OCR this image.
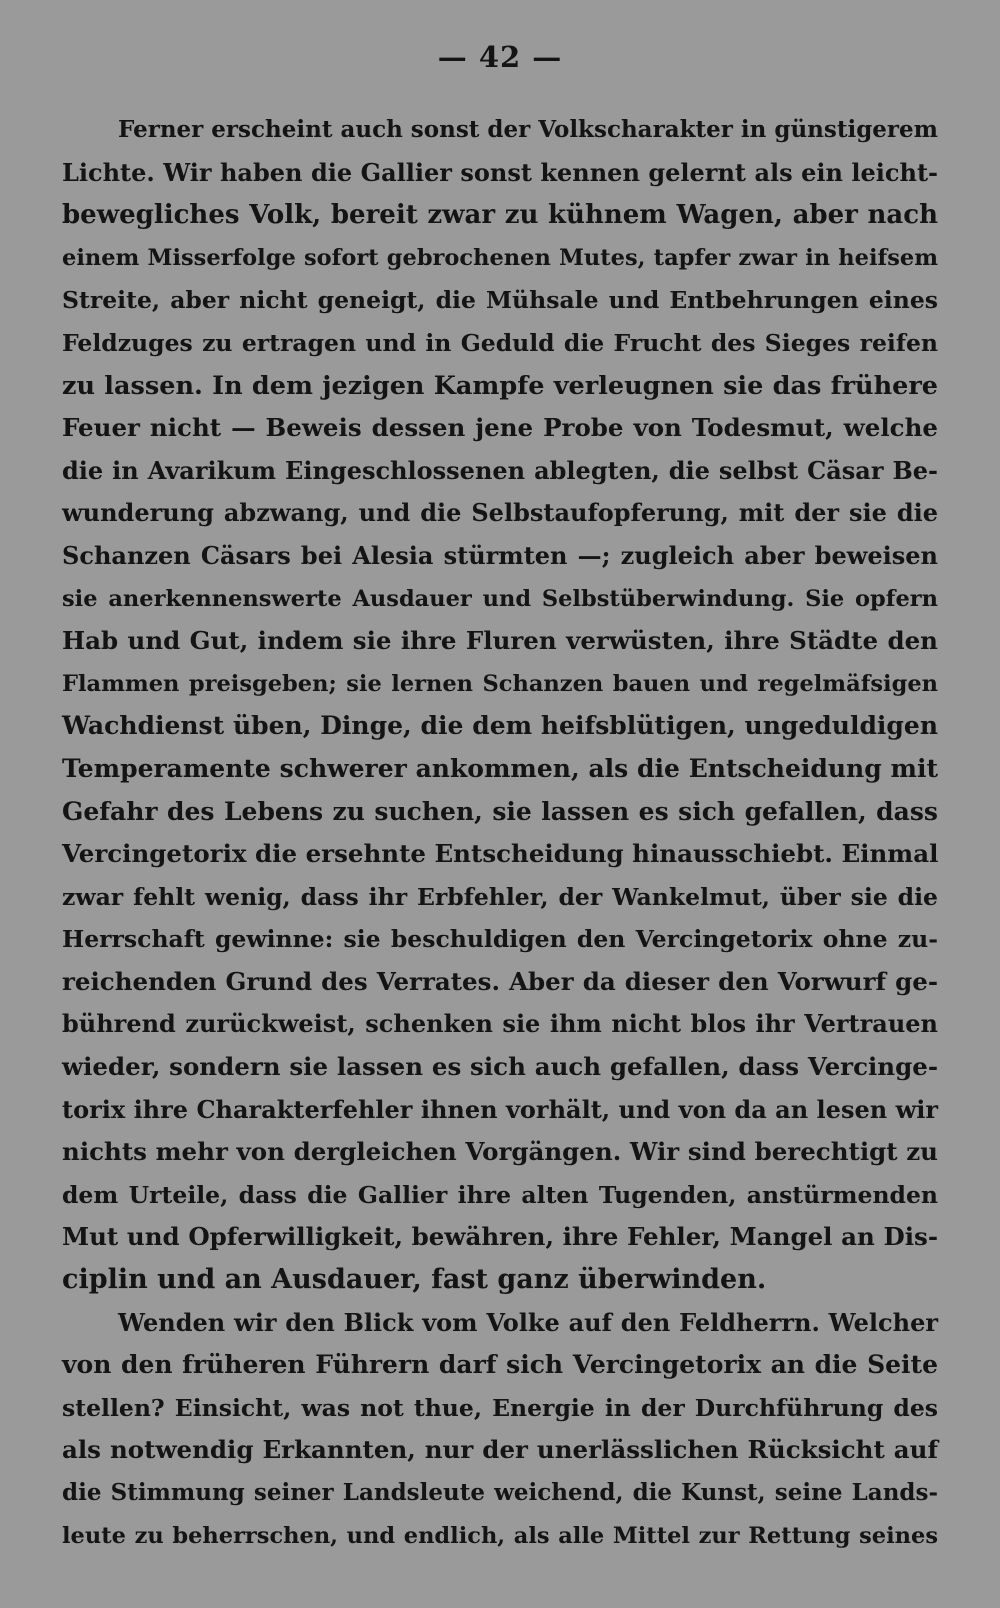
— 42 —
Ferner erscheint auch sonst der Volkscharakter in günstigerem
Lichte. Wir haben die Gallier sonst kennen gelernt als ein leicht-
bewegliches Volk, bereit zwar zu kühnem Wagen, aber nach
einem Misserfolge sofort gebrochenen Mutes, tapfer zwar in heifsem
Streite, aber nicht geneigt, die Mühsale und Entbehrungen eines
Feldzuges zu ertragen und in Geduld die Frucht des Sieges reifen
zu lassen. In dem jezigen Kampfe verleugnen sie das frühere
Feuer nicht — Beweis dessen jene Probe von Todesmut, welche
die in Avarikum Eingeschlossenen ablegten, die selbst Cäsar Be-
wunderung abzwang, und die Selbstaufopferung, mit der sie die
Schanzen Cäsars bei Alesia stürmten —; zugleich aber beweisen
sie anerkennenswerte Ausdauer und Selbstüberwindung. Sie opfern
Hab und Gut, indem sie ihre Fluren verwüsten, ihre Städte den
Flammen preisgeben; sie lernen Schanzen bauen und regelmäfsigen
Wachdienst üben, Dinge, die dem heifsblütigen, ungeduldigen
Temperamente schwerer ankommen, als die Entscheidung mit
Gefahr des Lebens zu suchen, sie lassen es sich gefallen, dass
Vercingetorix die ersehnte Entscheidung hinausschiebt. Einmal
zwar fehlt wenig, dass ihr Erbfehler, der Wankelmut, über sie die
Herrschaft gewinne: sie beschuldigen den Vercingetorix ohne zu-
reichenden Grund des Verrates. Aber da dieser den Vorwurf ge-
bührend zurückweist, schenken sie ihm nicht blos ihr Vertrauen
wieder, sondern sie lassen es sich auch gefallen, dass Vercinge-
torix ihre Charakterfehler ihnen vorhält, und von da an lesen wir
nichts mehr von dergleichen Vorgängen. Wir sind berechtigt zu
dem Urteile, dass die Gallier ihre alten Tugenden, anstürmenden
Mut und Opferwilligkeit, bewähren, ihre Fehler, Mangel an Dis-
ciplin und an Ausdauer, fast ganz überwinden.
Wenden wir den Blick vom Volke auf den Feldherrn. Welcher
von den früheren Führern darf sich Vercingetorix an die Seite
stellen? Einsicht, was not thue, Energie in der Durchführung des
als notwendig Erkannten, nur der unerlässlichen Rücksicht auf
die Stimmung seiner Landsleute weichend, die Kunst, seine Lands-
leute zu beherrschen, und endlich, als alle Mittel zur Rettung seines
